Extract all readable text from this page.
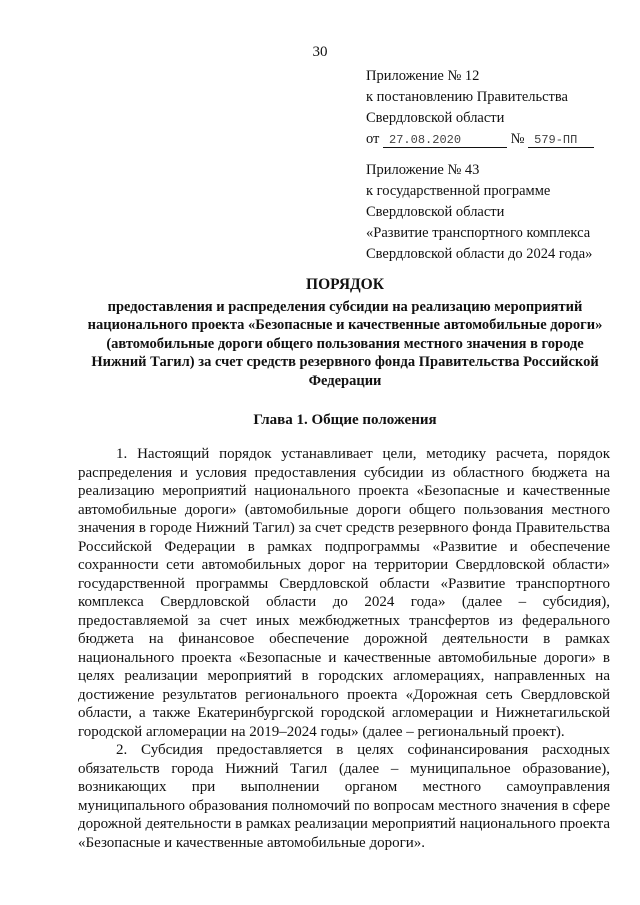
30
Приложение № 12
к постановлению Правительства
Свердловской области
от 27.08.2020	№ 579-ПП
Приложение № 43
к государственной программе
Свердловской области
«Развитие транспортного комплекса
Свердловской области до 2024 года»
ПОРЯДОК
предоставления и распределения субсидии на реализацию мероприятий национального проекта «Безопасные и качественные автомобильные дороги» (автомобильные дороги общего пользования местного значения в городе Нижний Тагил) за счет средств резервного фонда Правительства Российской Федерации
Глава 1. Общие положения

1. Настоящий порядок устанавливает цели, методику расчета, порядок распределения и условия предоставления субсидии из областного бюджета на реализацию мероприятий национального проекта «Безопасные и качественные автомобильные дороги» (автомобильные дороги общего пользования местного значения в городе Нижний Тагил) за счет средств резервного фонда Правительства Российской Федерации в рамках подпрограммы «Развитие и обеспечение сохранности сети автомобильных дорог на территории Свердловской области» государственной программы Свердловской области «Развитие транспортного комплекса Свердловской области до 2024 года» (далее – субсидия), предоставляемой за счет иных межбюджетных трансфертов из федерального бюджета на финансовое обеспечение дорожной деятельности в рамках национального проекта «Безопасные и качественные автомобильные дороги» в целях реализации мероприятий в городских агломерациях, направленных на достижение результатов регионального проекта «Дорожная сеть Свердловской области, а также Екатеринбургской городской агломерации и Нижнетагильской городской агломерации на 2019–2024 годы» (далее – региональный проект).

2. Субсидия предоставляется в целях софинансирования расходных обязательств города Нижний Тагил (далее – муниципальное образование), возникающих при выполнении органом местного самоуправления муниципального образования полномочий по вопросам местного значения в сфере дорожной деятельности в рамках реализации мероприятий национального проекта «Безопасные и качественные автомобильные дороги».
